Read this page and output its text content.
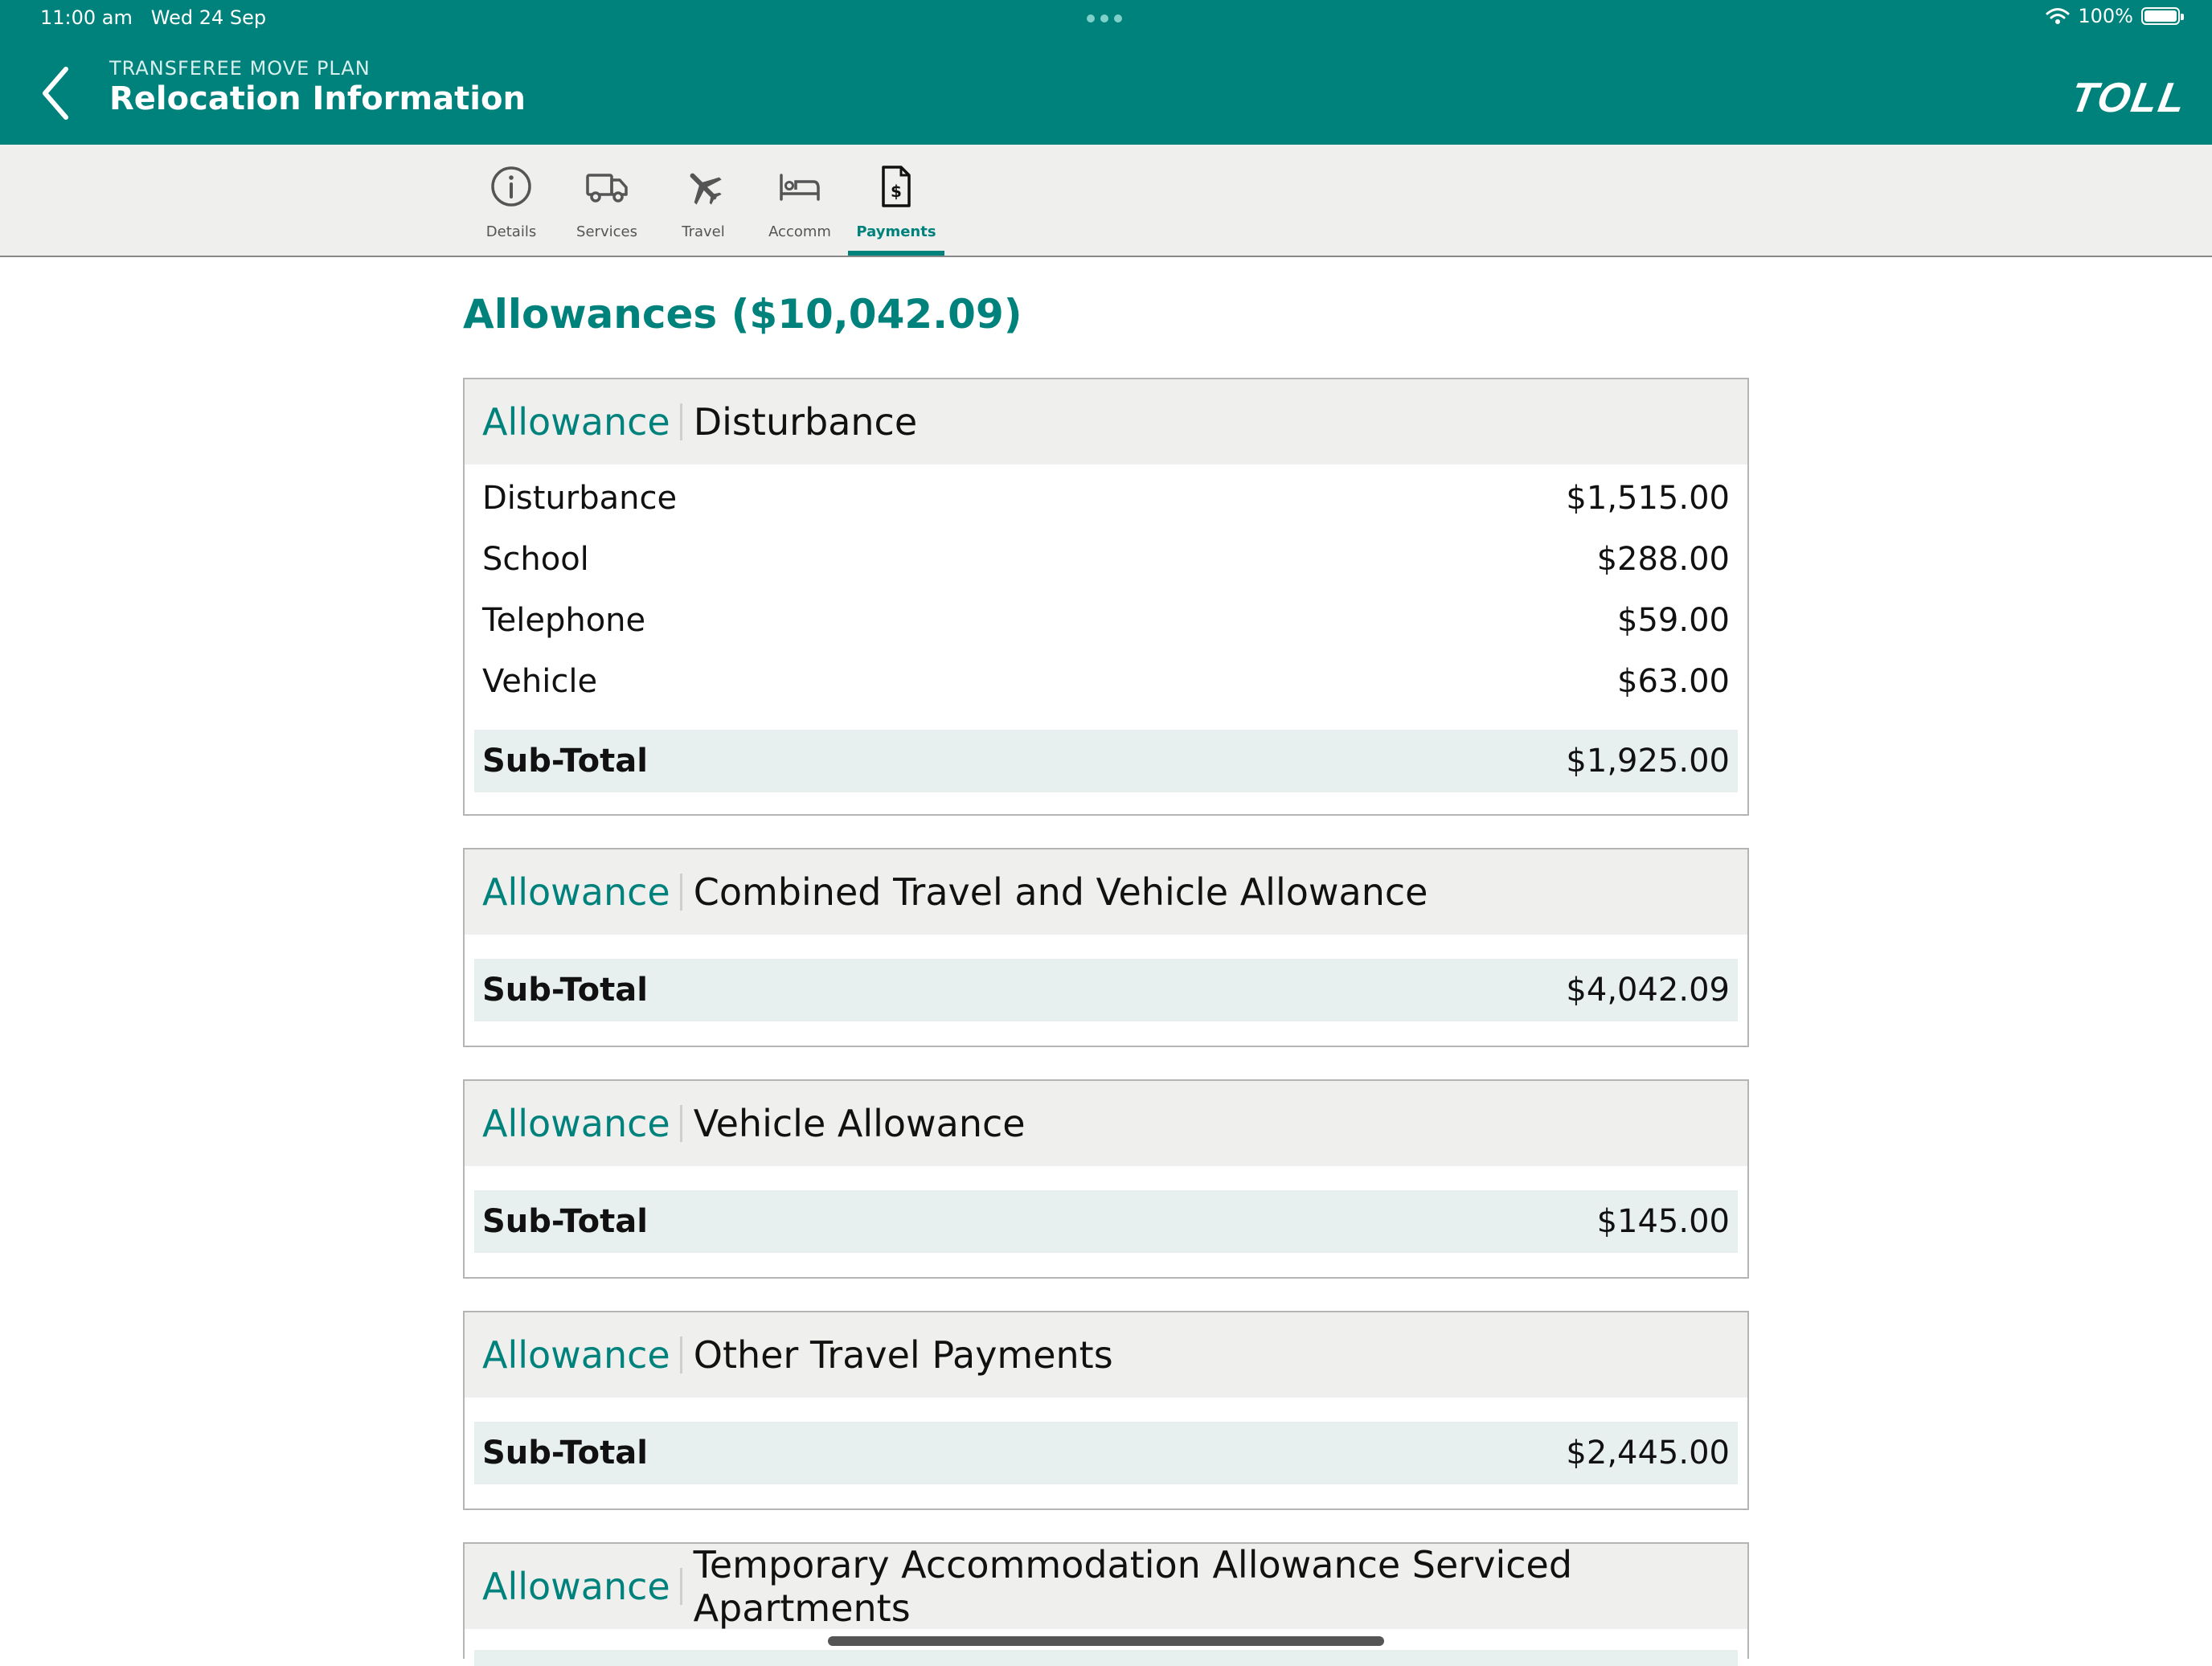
11:00 am Wed 24 Sep	100%
TRANSFEREE MOVE PLAN
Relocation Information	TOLL
Details	Services	Travel	Accomm
$
Payments
Allowances ($10,042.09)
Allowance Disturbance
Disturbance	$1,515.00
School	$288.00
Telephone	$59.00
Vehicle	$63.00
Sub-Total	$1,925.00
Allowance Combined Travel and Vehicle Allowance
Sub-Total	$4,042.09
Allowance Vehicle Allowance
Sub-Total	$145.00
Allowance Other Travel Payments
Sub-Total	$2,445.00
Allowance Temporary Accommodation Allowance Serviced Apartments
